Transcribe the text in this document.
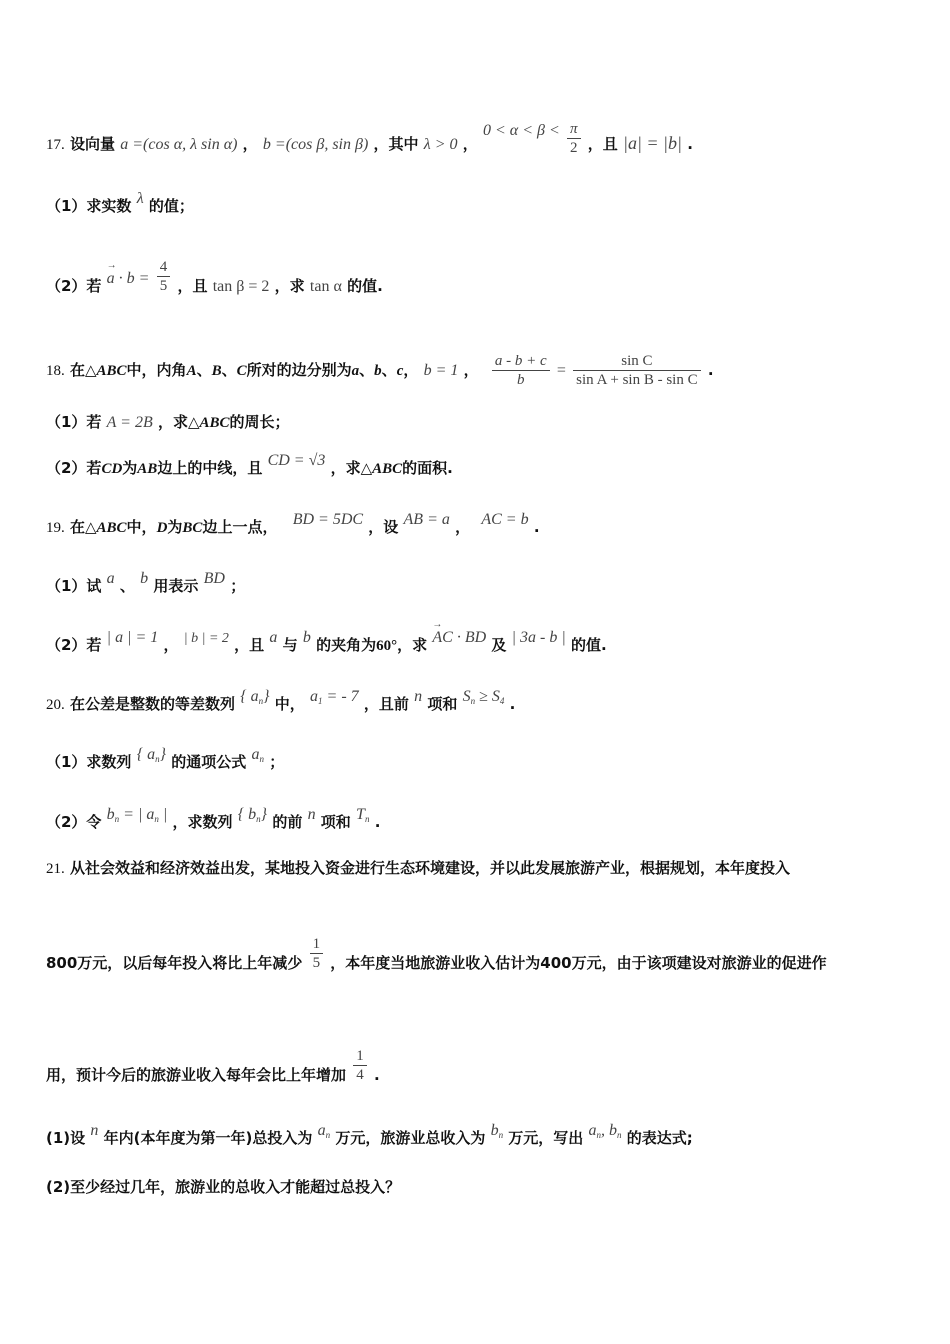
17. 设向量 a =(cos α, λ sin α) ， b =(cos β, sin β) ，其中 λ > 0 ， $0 < \alpha < \beta < \frac{\pi}{2}$ ，且 |a| = |b| .
（1）求实数 λ 的值；
（2）若 → $a \cdot b = \frac{4}{5}$ ，且 tan β = 2 ，求 tan α 的值.
18. 在△ABC中，内角A、B、C所对的边分别为a、b、c， b = 1 ， $\frac{a - b + c}{b} = \frac{\text{sin C}}{\text{sin A + sin B - sin C}}$ .
（1）若 A = 2B ，求△ABC的周长；
（2）若CD为AB边上的中线，且 CD = √3 ，求△ABC的面积.
19. 在△ABC中，D为BC边上一点， BD = 5DC ，设 AB = a ， AC = b .
（1）试 a 、 b 用表示 BD ；
（2）若 | a | = 1 ， | b | = 2 ，且 a 与 b 的夹角为60°，求 → AC · BD 及 | 3a - b | 的值.
20. 在公差是整数的等差数列 { $a_n$} 中， $a_1$ = - 7 ，且前 n 项和 $S_n \ge S_4$ .
（1）求数列 { $a_n$} 的通项公式 $a_n$ ；
（2）令 $b_n$ = | $a_n$ | ，求数列 { $b_n$} 的前 n 项和 $T_n$ .
21. 从社会效益和经济效益出发，某地投入资金进行生态环境建设，并以此发展旅游产业，根据规划，本年度投入
800万元，以后每年投入将比上年减少 $\frac{1}{5}$ ，本年度当地旅游业收入估计为400万元，由于该项建设对旅游业的促进作
用，预计今后的旅游业收入每年会比上年增加 $\frac{1}{4}$ .
(1)设 n 年内(本年度为第一年)总投入为 $a_n$ 万元，旅游业总收入为 $b_n$ 万元，写出 $a_n$, $b_n$ 的表达式;
(2)至少经过几年，旅游业的总收入才能超过总投入？
